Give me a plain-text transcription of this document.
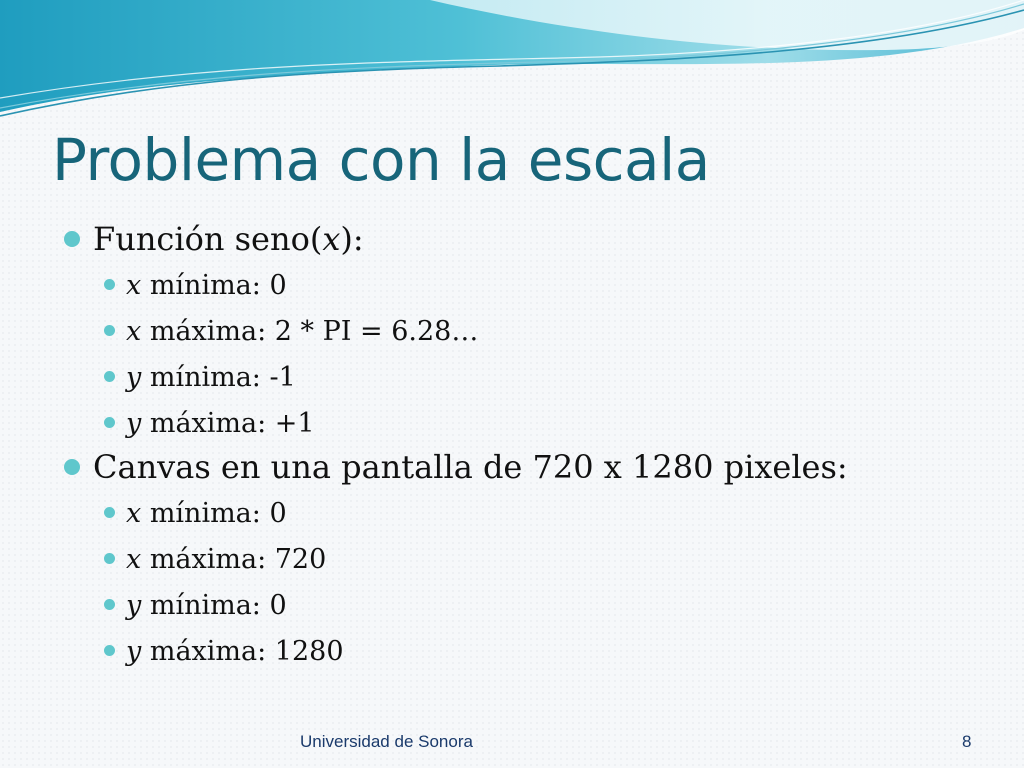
Problema con la escala
Función seno(x):
x mínima: 0
x máxima: 2 * PI = 6.28…
y mínima: -1
y máxima: +1
Canvas en una pantalla de 720 x 1280 pixeles:
x mínima: 0
x máxima: 720
y mínima: 0
y máxima: 1280
Universidad de Sonora	8
